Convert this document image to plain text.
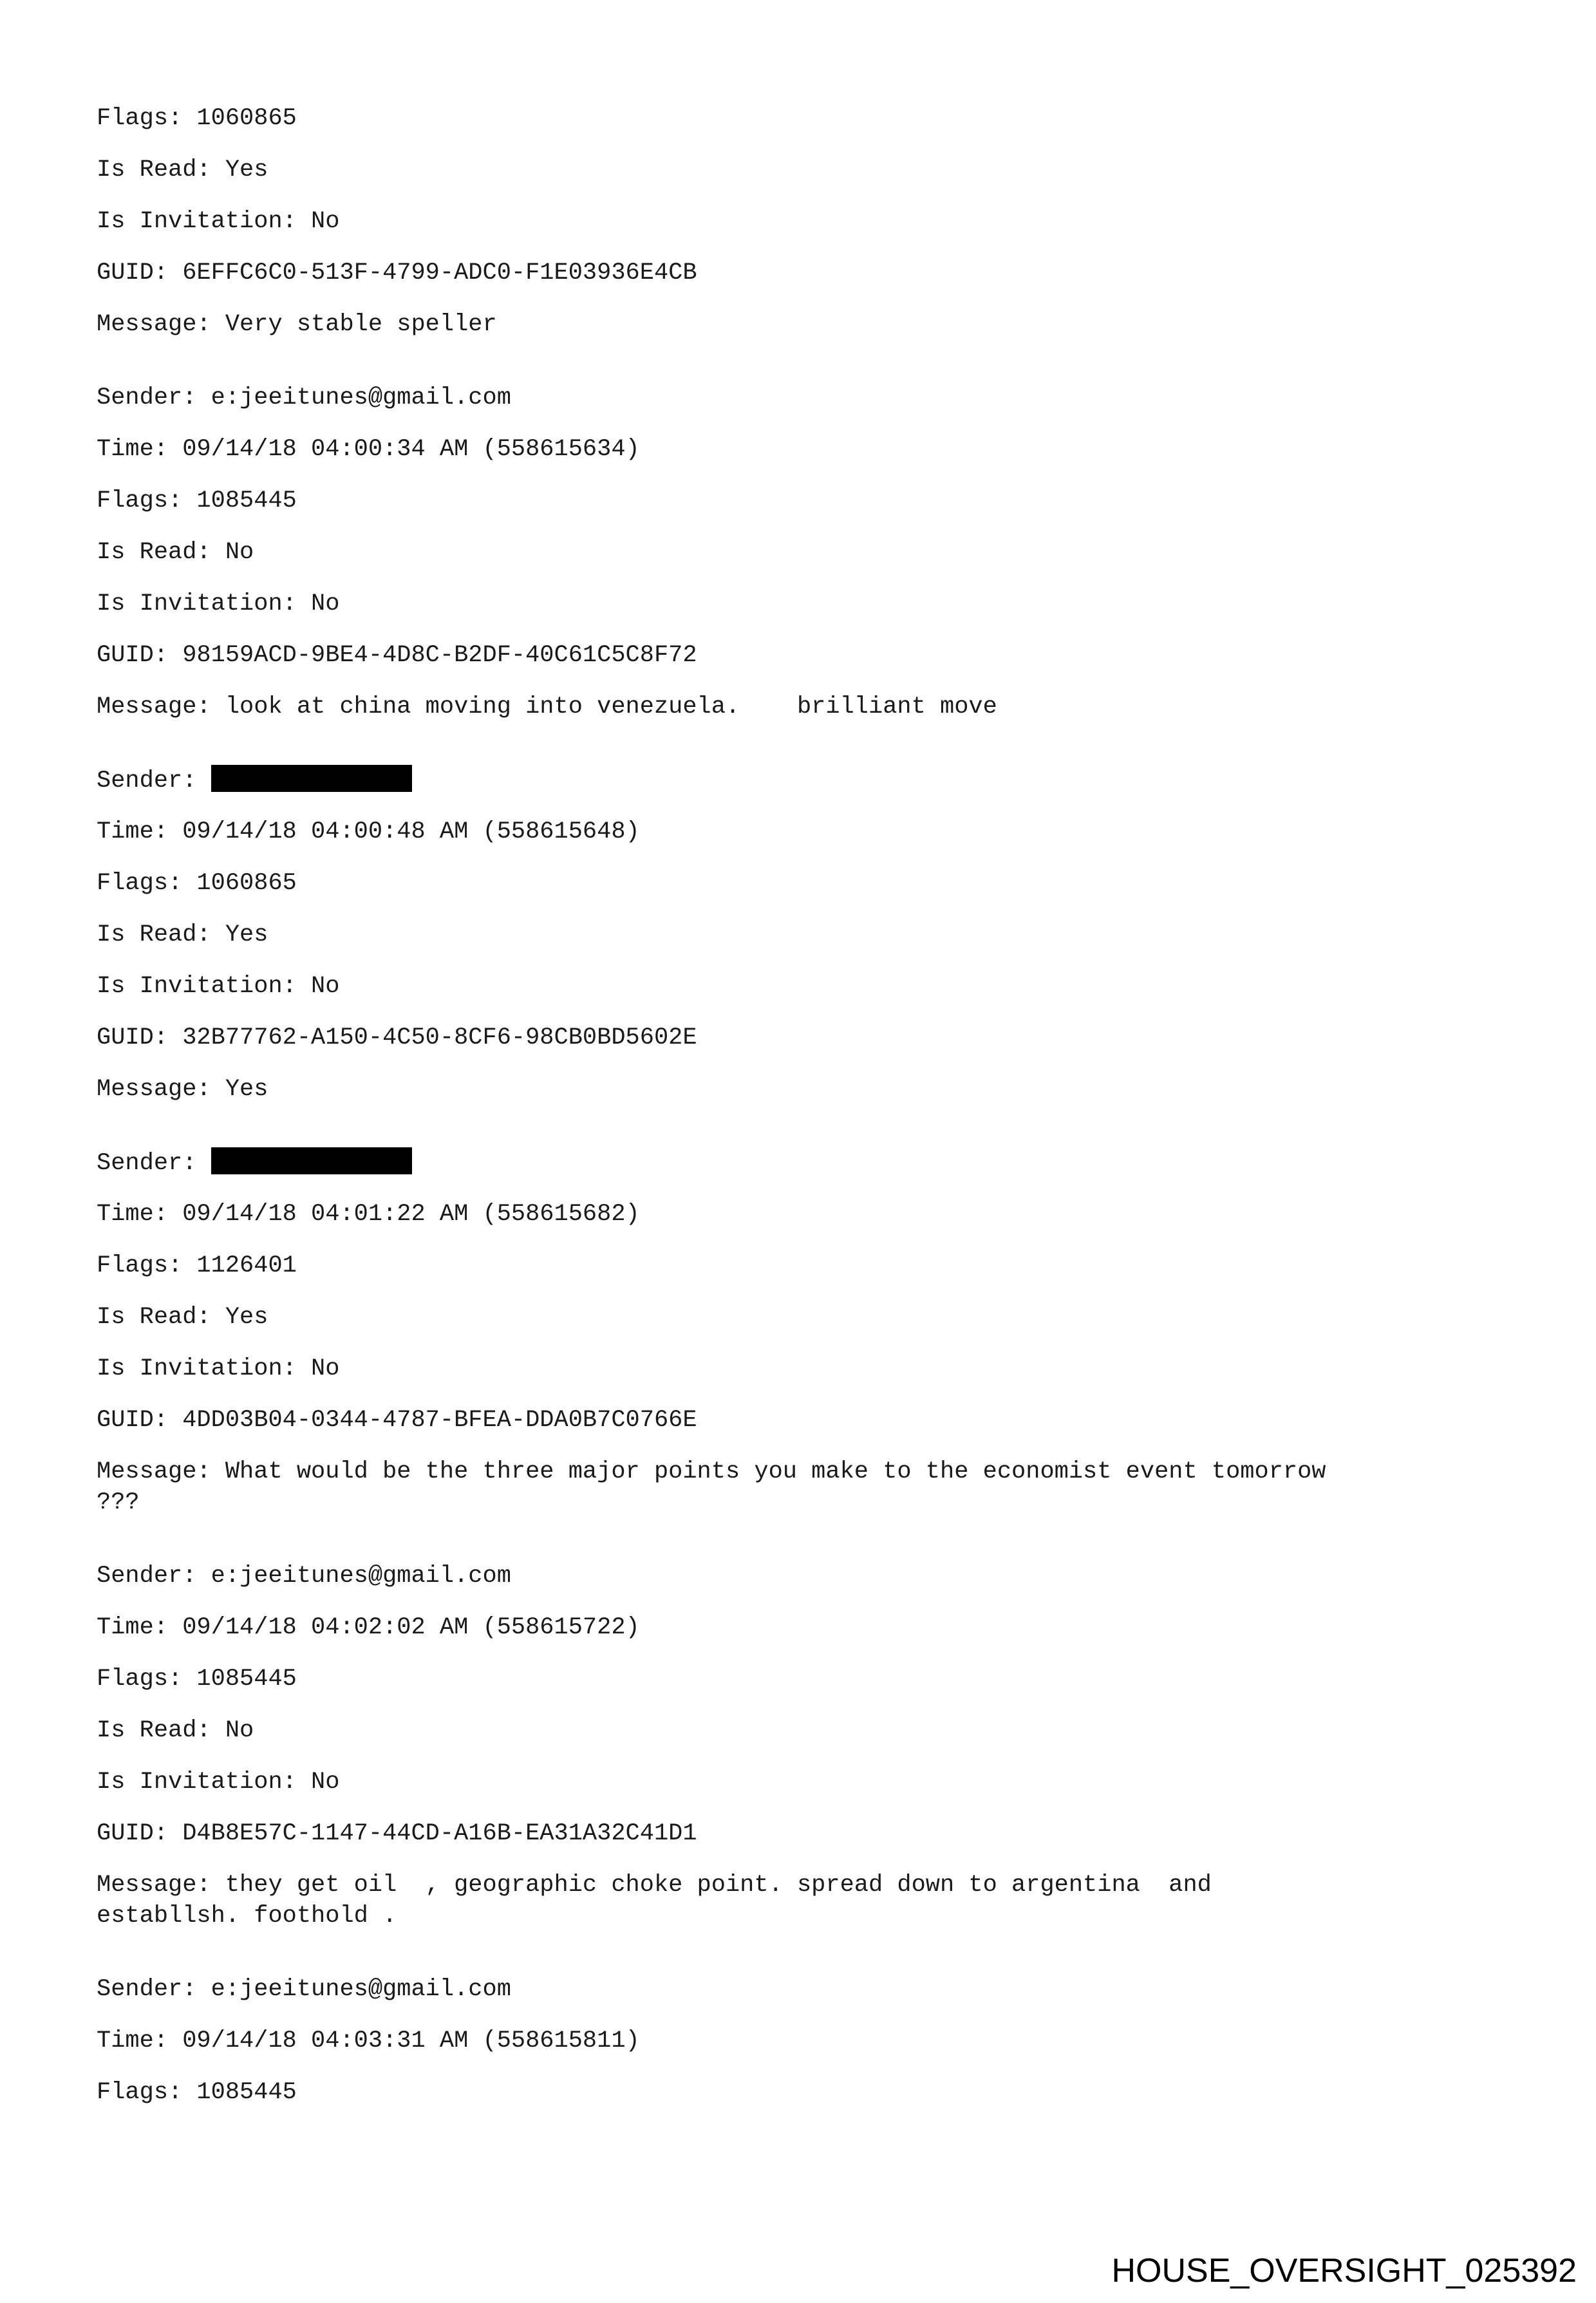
Flags: 1060865
Is Read: Yes
Is Invitation: No
GUID: 6EFFC6C0-513F-4799-ADC0-F1E03936E4CB
Message: Very stable speller
Sender: e:jeeitunes@gmail.com
Time: 09/14/18 04:00:34 AM (558615634)
Flags: 1085445
Is Read: No
Is Invitation: No
GUID: 98159ACD-9BE4-4D8C-B2DF-40C61C5C8F72
Message: look at china moving into venezuela.    brilliant move
Sender:
Time: 09/14/18 04:00:48 AM (558615648)
Flags: 1060865
Is Read: Yes
Is Invitation: No
GUID: 32B77762-A150-4C50-8CF6-98CB0BD5602E
Message: Yes
Sender:
Time: 09/14/18 04:01:22 AM (558615682)
Flags: 1126401
Is Read: Yes
Is Invitation: No
GUID: 4DD03B04-0344-4787-BFEA-DDA0B7C0766E
Message: What would be the three major points you make to the economist event tomorrow
???
Sender: e:jeeitunes@gmail.com
Time: 09/14/18 04:02:02 AM (558615722)
Flags: 1085445
Is Read: No
Is Invitation: No
GUID: D4B8E57C-1147-44CD-A16B-EA31A32C41D1
Message: they get oil  , geographic choke point. spread down to argentina  and
establlsh. foothold .
Sender: e:jeeitunes@gmail.com
Time: 09/14/18 04:03:31 AM (558615811)
Flags: 1085445
HOUSE_OVERSIGHT_025392
